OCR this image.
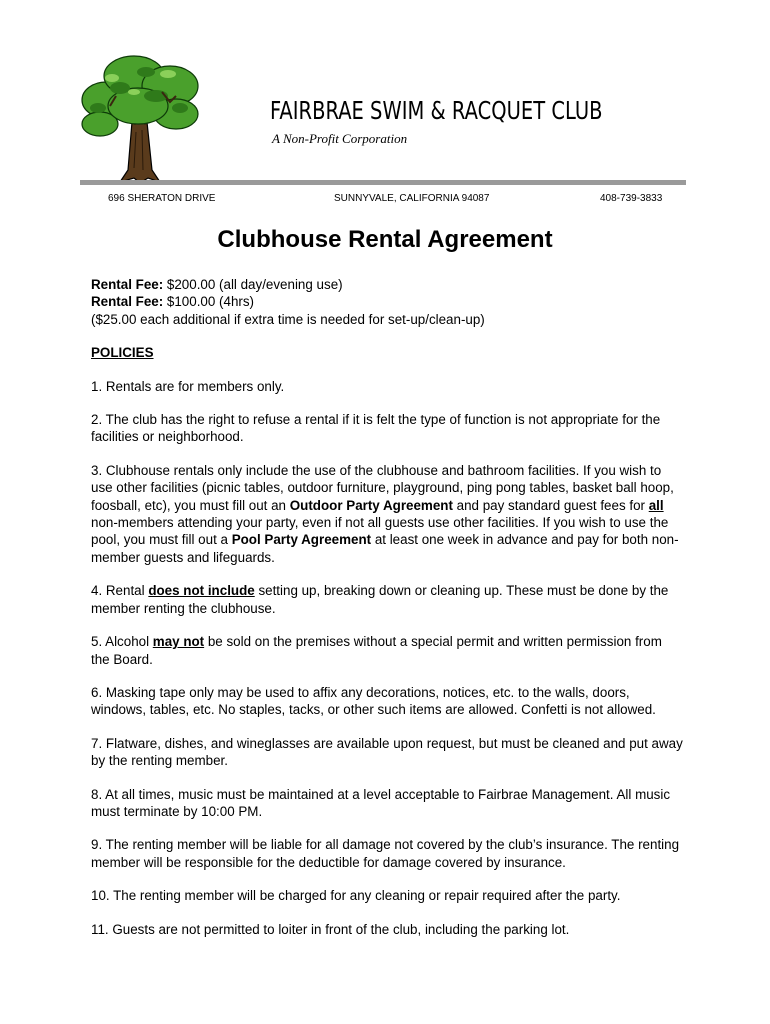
FAIRBRAE SWIM & RACQUET CLUB
A Non-Profit Corporation
696 SHERATON DRIVE	SUNNYVALE, CALIFORNIA 94087	408-739-3833
Clubhouse Rental Agreement

Rental Fee: $200.00 (all day/evening use)

Rental Fee: $100.00 (4hrs)

($25.00 each additional if extra time is needed for set-up/clean-up)

POLICIES

1. Rentals are for members only.

2. The club has the right to refuse a rental if it is felt the type of function is not appropriate for the facilities or neighborhood.

3. Clubhouse rentals only include the use of the clubhouse and bathroom facilities. If you wish to use other facilities (picnic tables, outdoor furniture, playground, ping pong tables, basket ball hoop, foosball, etc), you must fill out an Outdoor Party Agreement and pay standard guest fees for all non-members attending your party, even if not all guests use other facilities. If you wish to use the pool, you must fill out a Pool Party Agreement at least one week in advance and pay for both non-member guests and lifeguards.

4. Rental does not include setting up, breaking down or cleaning up. These must be done by the member renting the clubhouse.

5. Alcohol may not be sold on the premises without a special permit and written permission from the Board.

6. Masking tape only may be used to affix any decorations, notices, etc. to the walls, doors, windows, tables, etc. No staples, tacks, or other such items are allowed. Confetti is not allowed.

7. Flatware, dishes, and wineglasses are available upon request, but must be cleaned and put away by the renting member.

8. At all times, music must be maintained at a level acceptable to Fairbrae Management. All music must terminate by 10:00 PM.

9. The renting member will be liable for all damage not covered by the club’s insurance. The renting member will be responsible for the deductible for damage covered by insurance.

10. The renting member will be charged for any cleaning or repair required after the party.

11. Guests are not permitted to loiter in front of the club, including the parking lot.
